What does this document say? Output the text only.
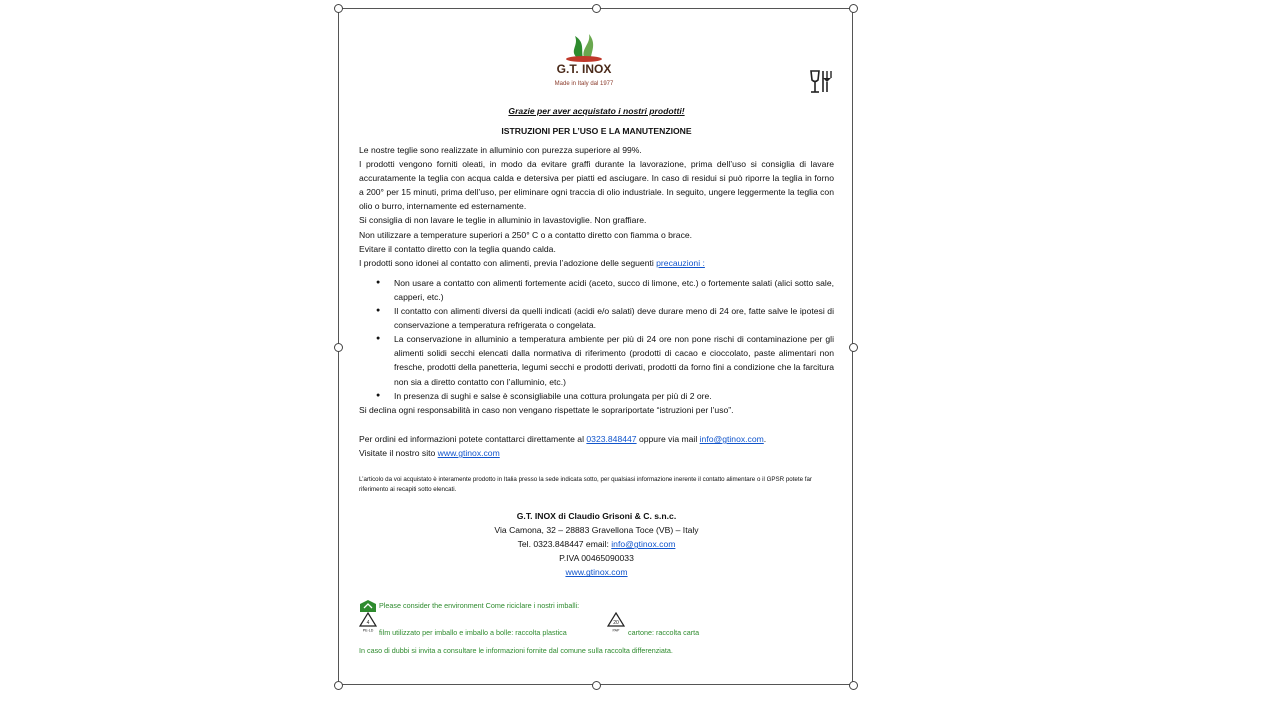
G.T. INOX
Made in Italy dal 1977
Grazie per aver acquistato i nostri prodotti!
ISTRUZIONI PER L’USO E LA MANUTENZIONE

Le nostre teglie sono realizzate in alluminio con purezza superiore al 99%.

I prodotti vengono forniti oleati, in modo da evitare graffi durante la lavorazione, prima dell’uso si consiglia di lavare accuratamente la teglia con acqua calda e detersiva per piatti ed asciugare. In caso di residui si può riporre la teglia in forno a 200° per 15 minuti, prima dell’uso, per eliminare ogni traccia di olio industriale. In seguito, ungere leggermente la teglia con olio o burro, internamente ed esternamente.

Si consiglia di non lavare le teglie in alluminio in lavastoviglie. Non graffiare.

Non utilizzare a temperature superiori a 250° C o a contatto diretto con fiamma o brace.

Evitare il contatto diretto con la teglia quando calda.

I prodotti sono idonei al contatto con alimenti, previa l’adozione delle seguenti precauzioni :

● Non usare a contatto con alimenti fortemente acidi (aceto, succo di limone, etc.) o fortemente salati (alici sotto sale, capperi, etc.)
● Il contatto con alimenti diversi da quelli indicati (acidi e/o salati) deve durare meno di 24 ore, fatte salve le ipotesi di conservazione a temperatura refrigerata o congelata.
● La conservazione in alluminio a temperatura ambiente per più di 24 ore non pone rischi di contaminazione per gli alimenti solidi secchi elencati dalla normativa di riferimento (prodotti di cacao e cioccolato, paste alimentari non fresche, prodotti della panetteria, legumi secchi e prodotti derivati, prodotti da forno fini a condizione che la farcitura non sia a diretto contatto con l’alluminio, etc.)
● In presenza di sughi e salse è sconsigliabile una cottura prolungata per più di 2 ore.

Si declina ogni responsabilità in caso non vengano rispettate le soprariportate “istruzioni per l’uso”.

Per ordini ed informazioni potete contattarci direttamente al 0323.848447 oppure via mail info@gtinox.com.
Visitate il nostro sito www.gtinox.com
L’articolo da voi acquistato è interamente prodotto in Italia presso la sede indicata sotto, per qualsiasi informazione inerente il contatto alimentare o il GPSR potete far riferimento ai recapiti sotto elencati.
G.T. INOX di Claudio Grisoni & C. s.n.c.
Via Camona, 32 – 28883 Gravellona Toce (VB) – Italy
Tel. 0323.848447 email: info@gtinox.com
P.IVA 00465090033
www.gtinox.com
Please consider the environment Come riciclare i nostri imballi:
4
PE-LD film utilizzato per imballo e imballo a bolle: raccolta plastica
20
PAP cartone: raccolta carta
In caso di dubbi si invita a consultare le informazioni fornite dal comune sulla raccolta differenziata.
